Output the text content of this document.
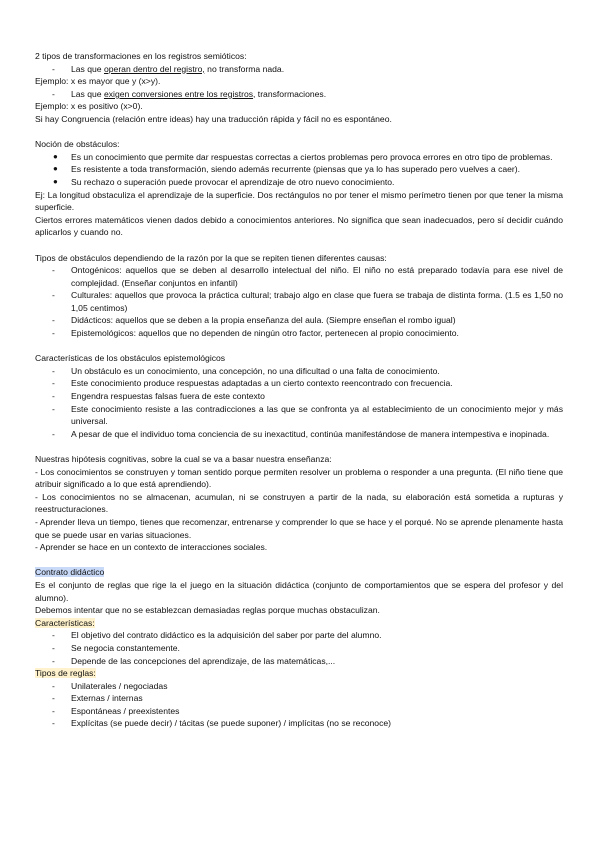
2 tipos de transformaciones en los registros semióticos:

- Las que operan dentro del registro, no transforma nada.

Ejemplo: x es mayor que y (x>y).

- Las que exigen conversiones entre los registros, transformaciones.

Ejemplo: x es positivo (x>0).

Si hay Congruencia (relación entre ideas) hay una traducción rápida y fácil no es espontáneo.

Noción de obstáculos:

● Es un conocimiento que permite dar respuestas correctas a ciertos problemas pero provoca errores en otro tipo de problemas.

● Es resistente a toda transformación, siendo además recurrente (piensas que ya lo has superado pero vuelves a caer).

● Su rechazo o superación puede provocar el aprendizaje de otro nuevo conocimiento.

Ej: La longitud obstaculiza el aprendizaje de la superficie. Dos rectángulos no por tener el mismo perímetro tienen por que tener la misma superficie.

Ciertos errores matemáticos vienen dados debido a conocimientos anteriores. No significa que sean inadecuados, pero sí decidir cuándo aplicarlos y cuando no.

Tipos de obstáculos dependiendo de la razón por la que se repiten tienen diferentes causas:

- Ontogénicos: aquellos que se deben al desarrollo intelectual del niño. El niño no está preparado todavía para ese nivel de complejidad. (Enseñar conjuntos en infantil)

- Culturales: aquellos que provoca la práctica cultural; trabajo algo en clase que fuera se trabaja de distinta forma. (1.5 es 1,50 no 1,05 centimos)

- Didácticos: aquellos que se deben a la propia enseñanza del aula. (Siempre enseñan el rombo igual)

- Epistemológicos: aquellos que no dependen de ningún otro factor, pertenecen al propio conocimiento.

Características de los obstáculos epistemológicos

- Un obstáculo es un conocimiento, una concepción, no una dificultad o una falta de conocimiento.

- Este conocimiento produce respuestas adaptadas a un cierto contexto reencontrado con frecuencia.

- Engendra respuestas falsas fuera de este contexto

- Este conocimiento resiste a las contradicciones a las que se confronta ya al establecimiento de un conocimiento mejor y más universal.

- A pesar de que el individuo toma conciencia de su inexactitud, continúa manifestándose de manera intempestiva e inopinada.

Nuestras hipótesis cognitivas, sobre la cual se va a basar nuestra enseñanza:

- Los conocimientos se construyen y toman sentido porque permiten resolver un problema o responder a una pregunta. (El niño tiene que atribuir significado a lo que está aprendiendo).

- Los conocimientos no se almacenan, acumulan, ni se construyen a partir de la nada, su elaboración está sometida a rupturas y reestructuraciones.

- Aprender lleva un tiempo, tienes que recomenzar, entrenarse y comprender lo que se hace y el porqué. No se aprende plenamente hasta que se puede usar en varias situaciones.

- Aprender se hace en un contexto de interacciones sociales.

Contrato didáctico

Es el conjunto de reglas que rige la el juego en la situación didáctica (conjunto de comportamientos que se espera del profesor y del alumno).

Debemos intentar que no se establezcan demasiadas reglas porque muchas obstaculizan.

Características:

- El objetivo del contrato didáctico es la adquisición del saber por parte del alumno.

- Se negocia constantemente.

- Depende de las concepciones del aprendizaje, de las matemáticas,...

Tipos de reglas:

- Unilaterales / negociadas

- Externas / internas

- Espontáneas / preexistentes

- Explícitas (se puede decir) / tácitas (se puede suponer) / implícitas (no se reconoce)
